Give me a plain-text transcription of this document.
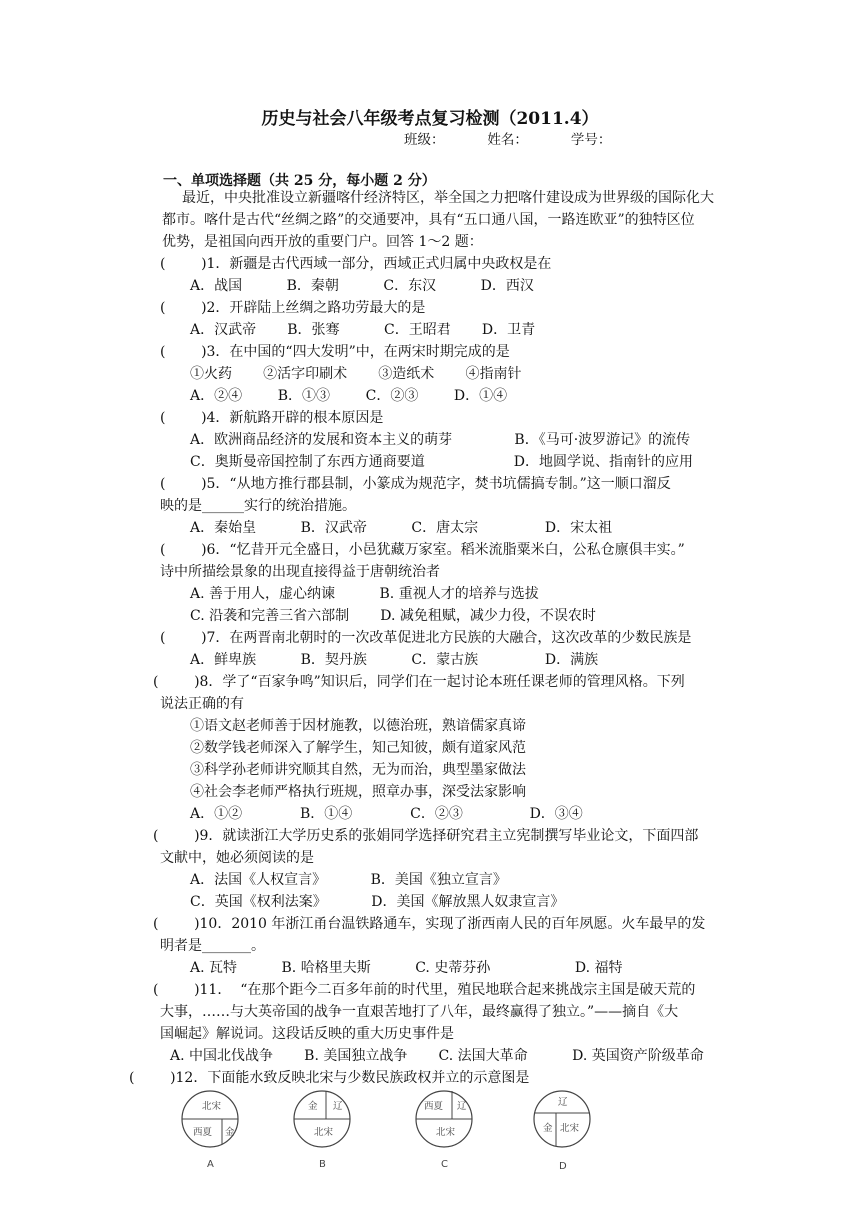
历史与社会八年级考点复习检测（2011.4）
班级：          姓名：          学号：
一、单项选择题（共 25 分，每小题 2 分）
最近，中央批准设立新疆喀什经济特区，举全国之力把喀什建设成为世界级的国际化大
都市。喀什是古代“丝绸之路”的交通要冲，具有“五口通八国，一路连欧亚”的独特区位
优势，是祖国向西开放的重要门户。回答 1～2 题：
(        )1．新疆是古代西域一部分，西域正式归属中央政权是在
A．战国          B．秦朝          C．东汉          D．西汉
(        )2．开辟陆上丝绸之路功劳最大的是
A．汉武帝       B．张骞          C．王昭君       D．卫青
(        )3．在中国的“四大发明”中，在两宋时期完成的是
①火药       ②活字印刷术       ③造纸术       ④指南针
A．②④        B．①③        C．②③        D．①④
(        )4．新航路开辟的根本原因是
A．欧洲商品经济的发展和资本主义的萌芽              B．《马可·波罗游记》的流传
C．奥斯曼帝国控制了东西方通商要道                    D．地圆学说、指南针的应用
(        )5．“从地方推行郡县制，小篆成为规范字，焚书坑儒搞专制。”这一顺口溜反
映的是______实行的统治措施。
A．秦始皇          B．汉武帝          C．唐太宗               D．宋太祖
(        )6．“忆昔开元全盛日，小邑犹藏万家室。稻米流脂粟米白，公私仓廪俱丰实。”
诗中所描绘景象的出现直接得益于唐朝统治者
A. 善于用人，虚心纳谏          B. 重视人才的培养与选拔
C. 沿袭和完善三省六部制       D. 减免租赋，减少力役，不误农时
(        )7．在两晋南北朝时的一次改革促进北方民族的大融合，这次改革的少数民族是
A．鲜卑族          B．契丹族          C．蒙古族               D．满族
(        )8．学了“百家争鸣”知识后，同学们在一起讨论本班任课老师的管理风格。下列
说法正确的有
①语文赵老师善于因材施教，以德治班，熟谙儒家真谛
②数学钱老师深入了解学生，知己知彼，颇有道家风范
③科学孙老师讲究顺其自然，无为而治，典型墨家做法
④社会李老师严格执行班规，照章办事，深受法家影响
A．①②             B．①④             C．②③               D．③④
(        )9．就读浙江大学历史系的张娟同学选择研究君主立宪制撰写毕业论文，下面四部
文献中，她必须阅读的是
A．法国《人权宣言》          B．美国《独立宣言》
C．英国《权利法案》          D．美国《解放黑人奴隶宣言》
(        )10．2010 年浙江甬台温铁路通车，实现了浙西南人民的百年夙愿。火车最早的发
明者是_______。
A. 瓦特          B. 哈格里夫斯          C. 史蒂芬孙                   D. 福特
(        )11．  “在那个距今二百多年前的时代里，殖民地联合起来挑战宗主国是破天荒的
大事，……与大英帝国的战争一直艰苦地打了八年，最终赢得了独立。”——摘自《大
国崛起》解说词。这段话反映的重大历史事件是
A. 中国北伐战争       B. 美国独立战争       C. 法国大革命          D. 英国资产阶级革命
(        )12．下面能水致反映北宋与少数民族政权并立的示意图是
北宋
西夏 金
A
金 辽
北宋
B
西夏 辽
北宋
C
辽
金 北宋
D
